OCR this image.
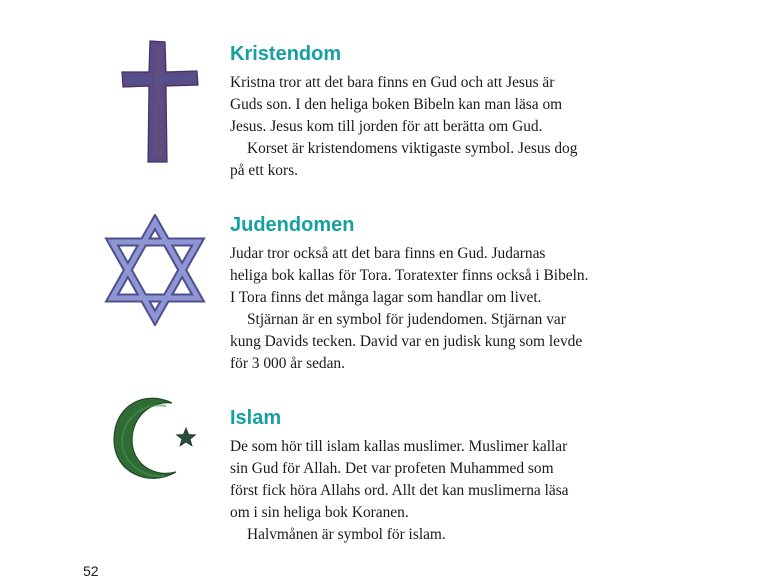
Kristendom

Kristna tror att det bara finns en Gud och att Jesus är

Guds son. I den heliga boken Bibeln kan man läsa om

Jesus. Jesus kom till jorden för att berätta om Gud.

Korset är kristendomens viktigaste symbol. Jesus dog

på ett kors.

Judendomen

Judar tror också att det bara finns en Gud. Judarnas

heliga bok kallas för Tora. Toratexter finns också i Bibeln.

I Tora finns det många lagar som handlar om livet.

Stjärnan är en symbol för judendomen. Stjärnan var

kung Davids tecken. David var en judisk kung som levde

för 3 000 år sedan.

Islam

De som hör till islam kallas muslimer. Muslimer kallar

sin Gud för Allah. Det var profeten Muhammed som

först fick höra Allahs ord. Allt det kan muslimerna läsa

om i sin heliga bok Koranen.

Halvmånen är symbol för islam.

52
